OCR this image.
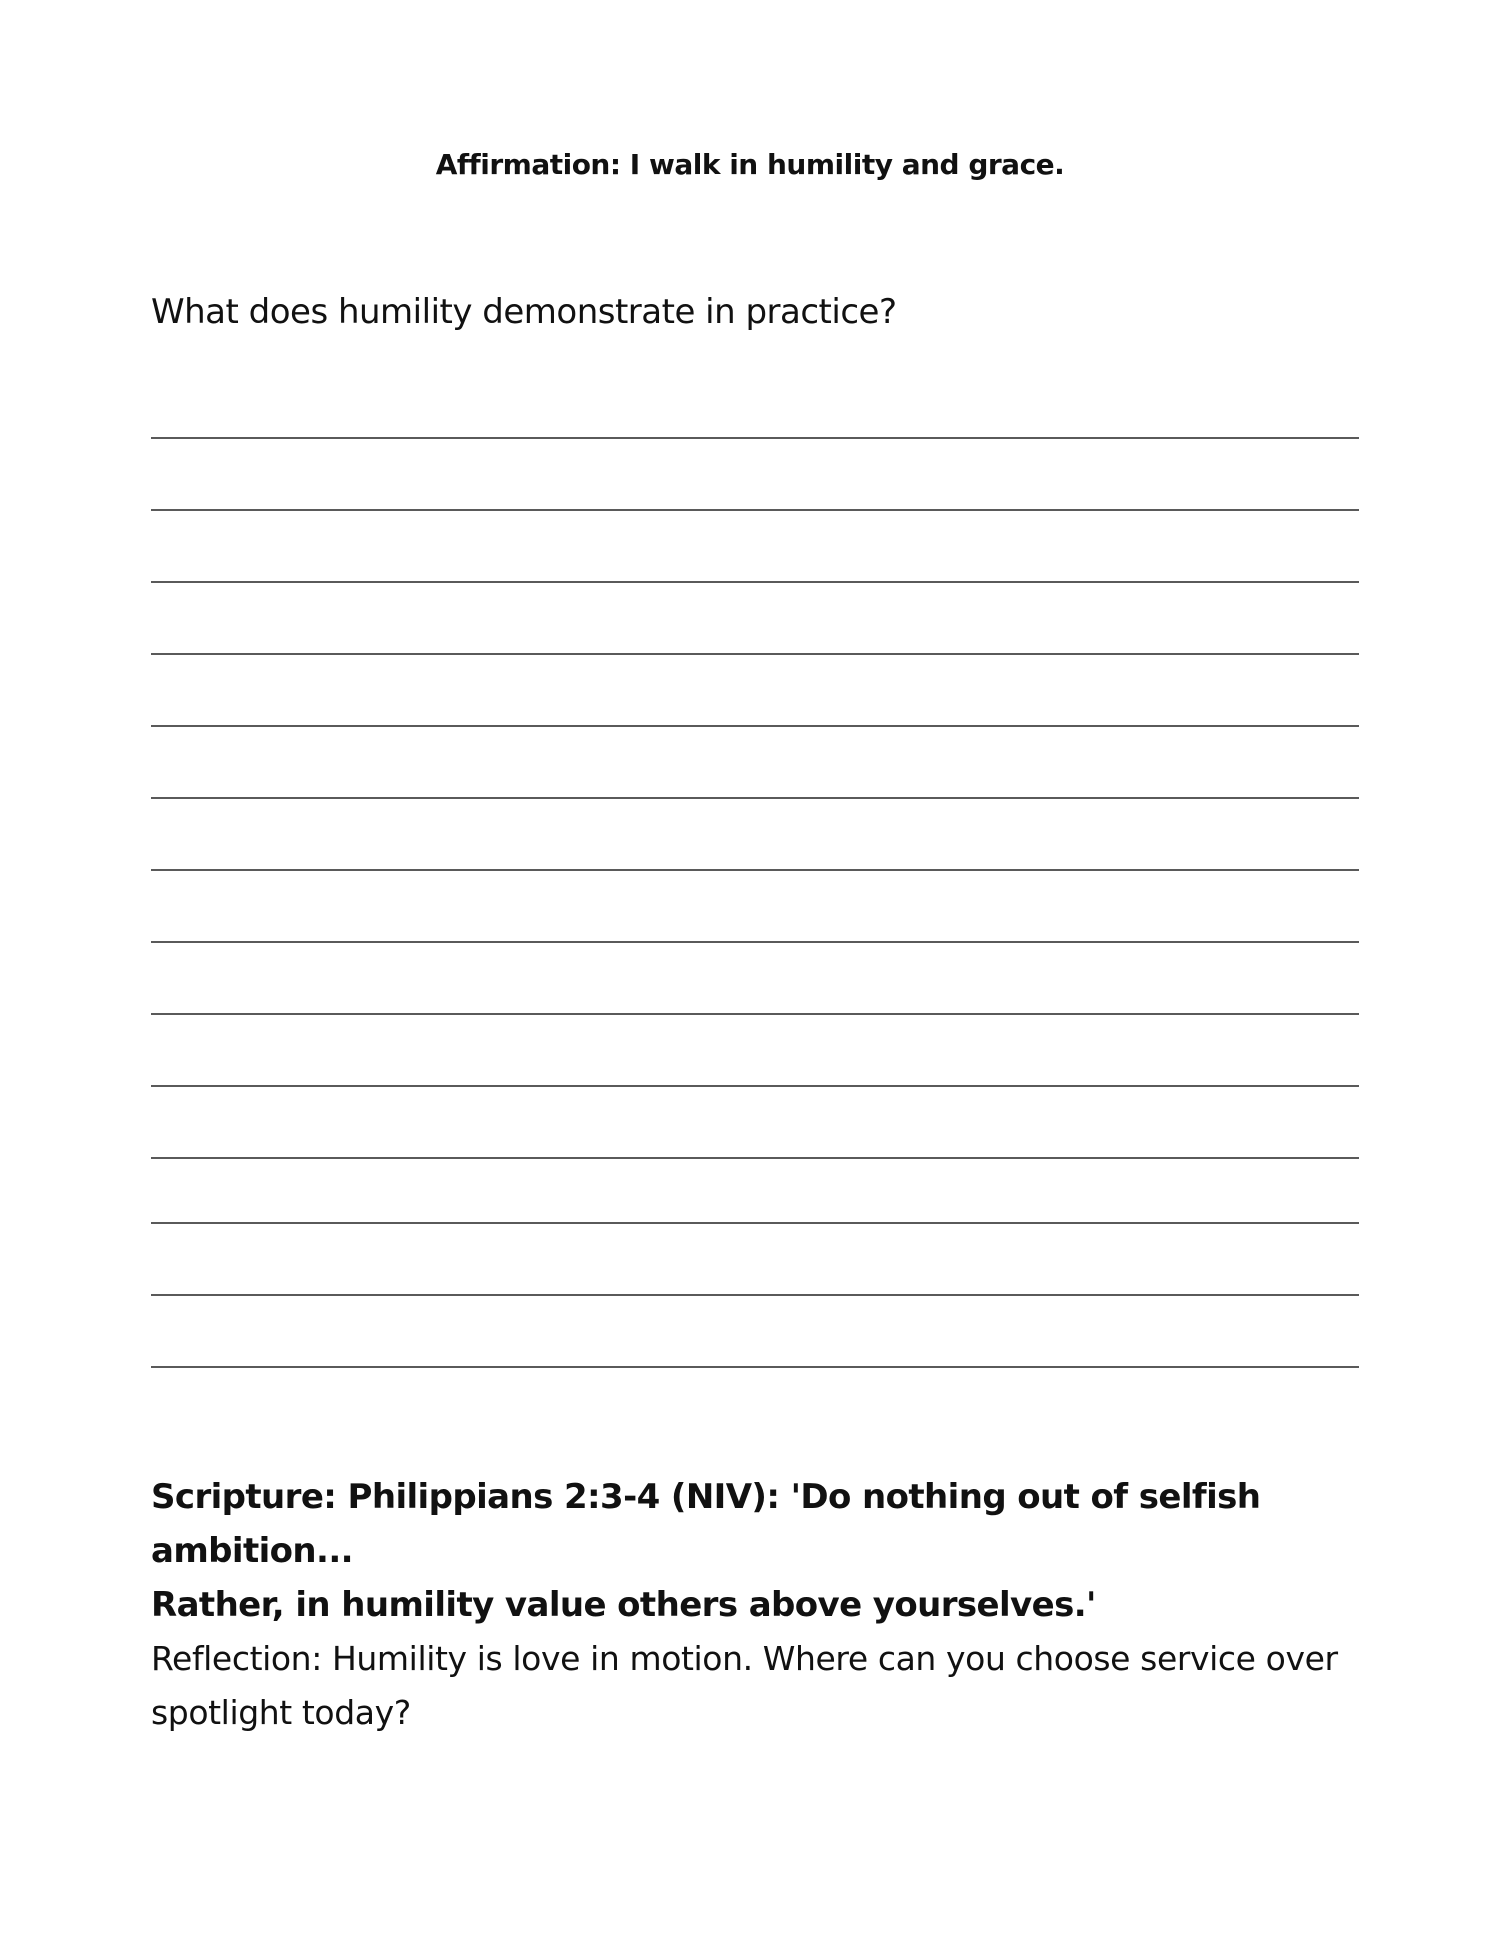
Affirmation: I walk in humility and grace.
What does humility demonstrate in practice?
Scripture: Philippians 2:3-4 (NIV): 'Do nothing out of selfish ambition...
Rather, in humility value others above yourselves.'
Reflection: Humility is love in motion. Where can you choose service over
spotlight today?
